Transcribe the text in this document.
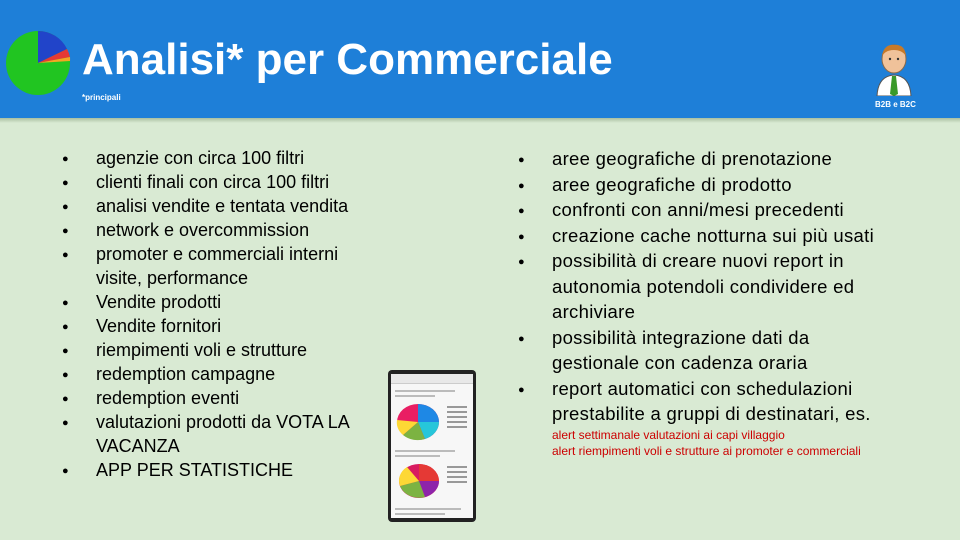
Analisi* per Commerciale
*principali
B2B e B2C
● agenzie con circa 100 filtri
● clienti finali con circa 100 filtri
● analisi vendite e tentata vendita
● network e overcommission
● promoter e commerciali interni visite, performance
● Vendite prodotti
● Vendite fornitori
● riempimenti voli e strutture
● redemption campagne
● redemption eventi
● valutazioni prodotti da VOTA LA VACANZA
● APP PER STATISTICHE
● aree geografiche di prenotazione
● aree geografiche di prodotto
● confronti con anni/mesi precedenti
● creazione cache notturna sui più usati
● possibilità di creare nuovi report in autonomia potendoli condividere ed archiviare
● possibilità integrazione dati da gestionale con cadenza oraria
● report automatici con schedulazioni prestabilite a gruppi di destinatari, es.
alert settimanale valutazioni ai capi villaggio
alert riempimenti voli e strutture ai promoter e commerciali
